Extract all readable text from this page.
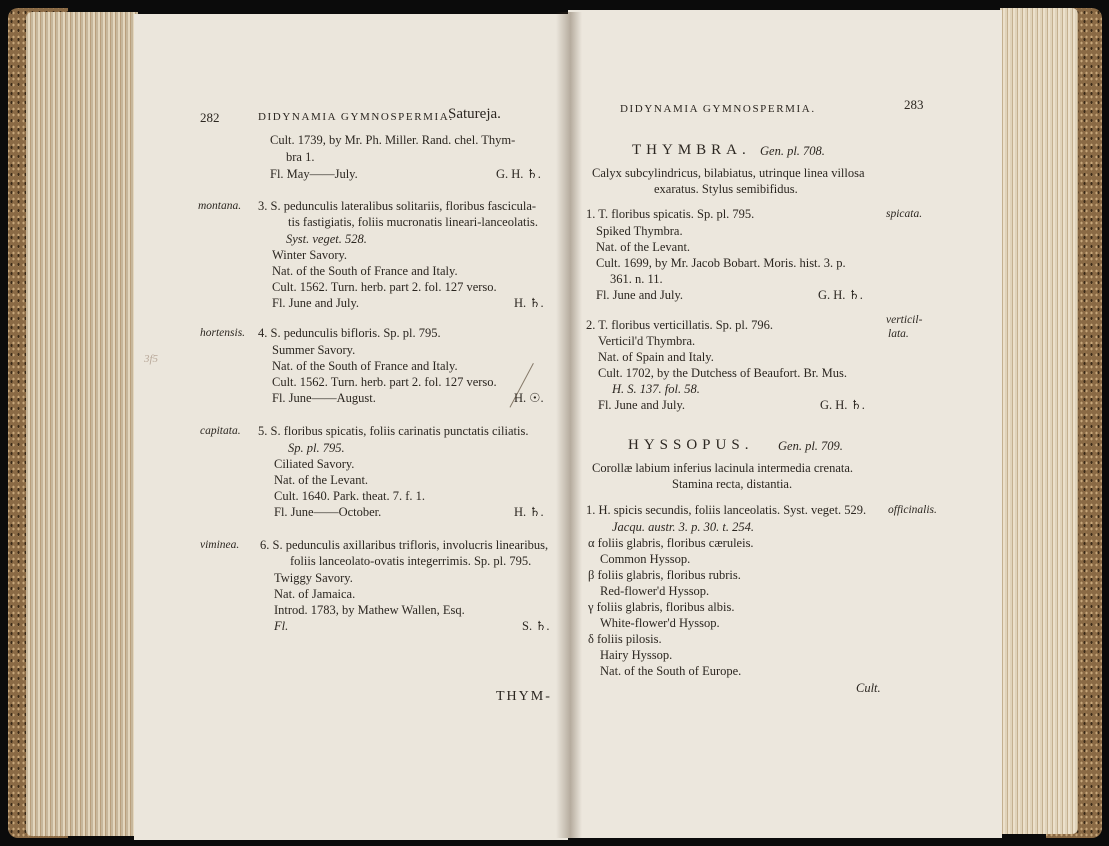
282	DIDYNAMIA GYMNOSPERMIA.
Satureja.
Cult. 1739, by Mr. Ph. Miller. Rand. chel. Thym-
bra 1.
Fl. May——July.	G. H. ♄.
montana. 3. S. pedunculis lateralibus solitariis, floribus fascicula-
tis fastigiatis, foliis mucronatis lineari-lanceolatis.
Syst. veget. 528.
Winter Savory.
Nat. of the South of France and Italy.
Cult. 1562. Turn. herb. part 2. fol. 127 verso.
Fl. June and July.	H. ♄.
hortensis. 4. S. pedunculis bifloris. Sp. pl. 795.
Summer Savory.
Nat. of the South of France and Italy.
Cult. 1562. Turn. herb. part 2. fol. 127 verso.
Fl. June——August.	H. ☉.
capitata. 5. S. floribus spicatis, foliis carinatis punctatis ciliatis.
Sp. pl. 795.
Ciliated Savory.
Nat. of the Levant.
Cult. 1640. Park. theat. 7. f. 1.
Fl. June——October.	H. ♄.
viminea. 6. S. pedunculis axillaribus trifloris, involucris linearibus,
foliis lanceolato-ovatis integerrimis. Sp. pl. 795.
Twiggy Savory.
Nat. of Jamaica.
Introd. 1783, by Mathew Wallen, Esq.
Fl.	S. ♄.
3f5
THYM-
DIDYNAMIA GYMNOSPERMIA.	283
THYMBRA. Gen. pl. 708.
Calyx subcylindricus, bilabiatus, utrinque linea villosa
exaratus. Stylus semibifidus.
spicata.
1. T. floribus spicatis. Sp. pl. 795.
Spiked Thymbra.
Nat. of the Levant.
Cult. 1699, by Mr. Jacob Bobart. Moris. hist. 3. p.
361. n. 11.
Fl. June and July.	G. H. ♄.
verticil-
2. T. floribus verticillatis. Sp. pl. 796.
lata.
Verticil'd Thymbra.
Nat. of Spain and Italy.
Cult. 1702, by the Dutchess of Beaufort. Br. Mus.
H. S. 137. fol. 58.
Fl. June and July.	G. H. ♄.
HYSSOPUS. Gen. pl. 709.
Corollæ labium inferius lacinula intermedia crenata.
Stamina recta, distantia.
officinalis.
1. H. spicis secundis, foliis lanceolatis. Syst. veget. 529.
Jacqu. austr. 3. p. 30. t. 254.
α foliis glabris, floribus cæruleis.
Common Hyssop.
β foliis glabris, floribus rubris.
Red-flower'd Hyssop.
γ foliis glabris, floribus albis.
White-flower'd Hyssop.
δ foliis pilosis.
Hairy Hyssop.
Nat. of the South of Europe.
Cult.
